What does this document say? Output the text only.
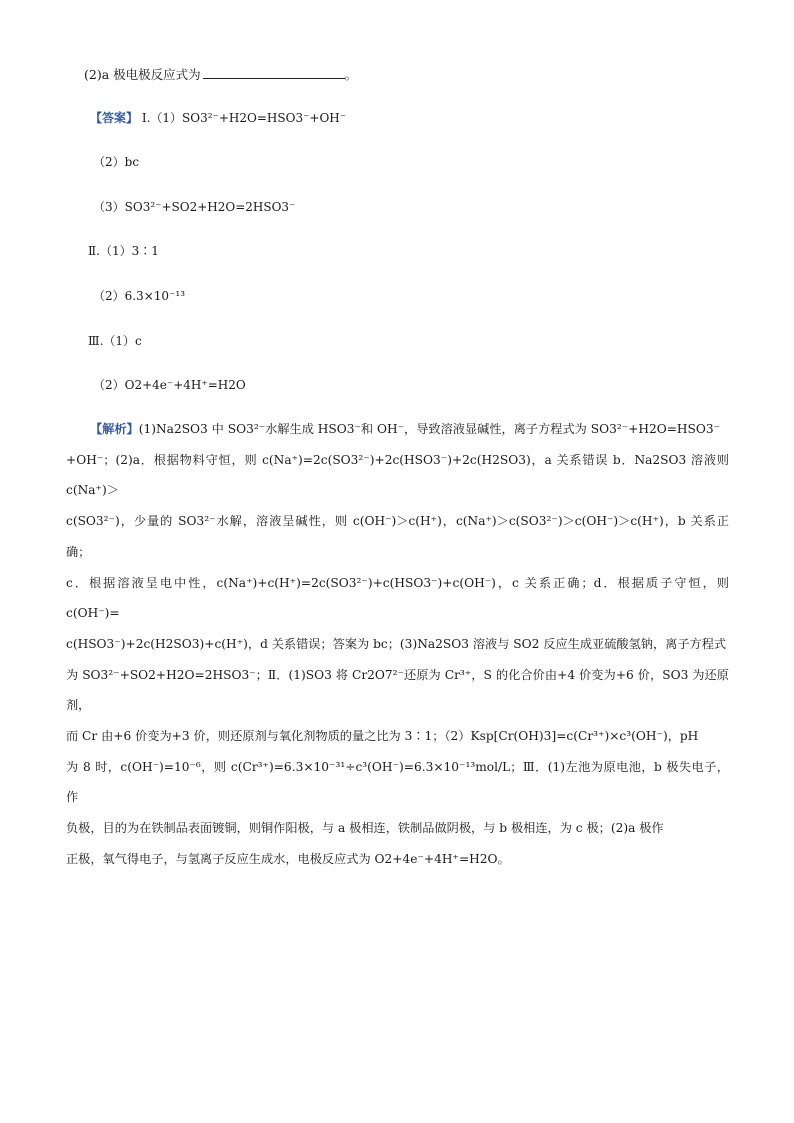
(2)a 极电极反应式为	。
【答案】 Ⅰ.（1）SO3²⁻+H2O=HSO3⁻+OH⁻
（2）bc
（3）SO3²⁻+SO2+H2O=2HSO3⁻
Ⅱ.（1）3∶1
（2）6.3×10⁻¹³
Ⅲ.（1）c
（2）O2+4e⁻+4H⁺=H2O
【解析】(1)Na2SO3 中 SO3²⁻水解生成 HSO3⁻和 OH⁻，导致溶液显碱性，离子方程式为 SO3²⁻+H2O=HSO3⁻
+OH⁻；(2)a．根据物料守恒，则 c(Na⁺)=2c(SO3²⁻)+2c(HSO3⁻)+2c(H2SO3)，a 关系错误 b．Na2SO3 溶液则 c(Na⁺)＞
c(SO3²⁻)，少量的 SO3²⁻水解，溶液呈碱性，则 c(OH⁻)＞c(H⁺)，c(Na⁺)＞c(SO3²⁻)＞c(OH⁻)＞c(H⁺)，b 关系正确；
c．根据溶液呈电中性，c(Na⁺)+c(H⁺)=2c(SO3²⁻)+c(HSO3⁻)+c(OH⁻)，c 关系正确；d．根据质子守恒，则 c(OH⁻)=
c(HSO3⁻)+2c(H2SO3)+c(H⁺)，d 关系错误；答案为 bc；(3)Na2SO3 溶液与 SO2 反应生成亚硫酸氢钠，离子方程式
为 SO3²⁻+SO2+H2O=2HSO3⁻；Ⅱ．(1)SO3 将 Cr2O7²⁻还原为 Cr³⁺，S 的化合价由+4 价变为+6 价，SO3 为还原剂，
而 Cr 由+6 价变为+3 价，则还原剂与氧化剂物质的量之比为 3∶1；（2）Ksp[Cr(OH)3]=c(Cr³⁺)×c³(OH⁻)，pH
为 8 时，c(OH⁻)=10⁻⁶，则 c(Cr³⁺)=6.3×10⁻³¹÷c³(OH⁻)=6.3×10⁻¹³mol/L；Ⅲ．(1)左池为原电池，b 极失电子，作
负极，目的为在铁制品表面镀铜，则铜作阳极，与 a 极相连，铁制品做阴极，与 b 极相连，为 c 极；(2)a 极作
正极，氧气得电子，与氢离子反应生成水，电极反应式为 O2+4e⁻+4H⁺=H2O。
